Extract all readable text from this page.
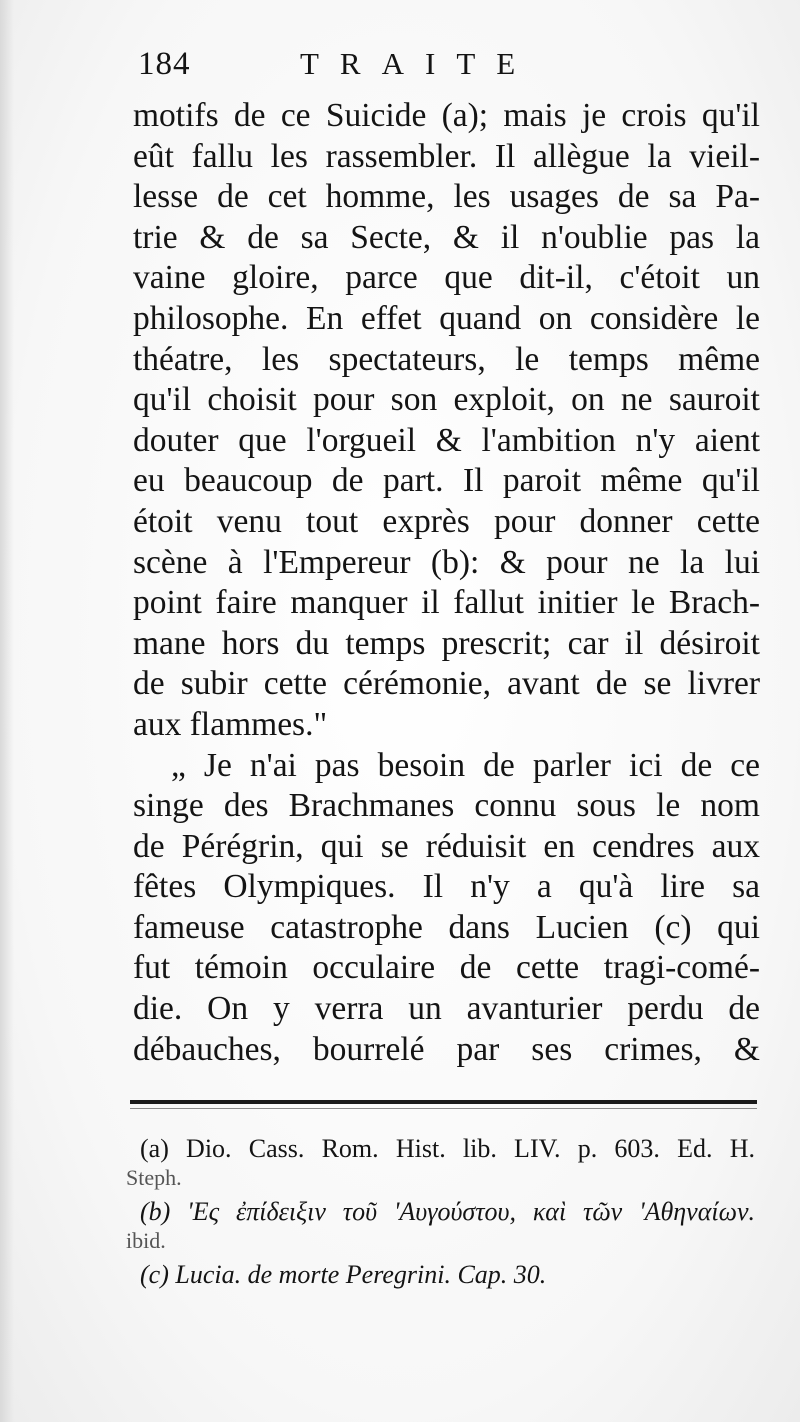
184	TRAITE
motifs de ce Suicide (a); mais je crois qu'il
eût fallu les rassembler. Il allègue la vieil-
lesse de cet homme, les usages de sa Pa-
trie & de sa Secte, & il n'oublie pas la
vaine gloire, parce que dit-il, c'étoit un
philosophe. En effet quand on considère le
théatre, les spectateurs, le temps même
qu'il choisit pour son exploit, on ne sauroit
douter que l'orgueil & l'ambition n'y aient
eu beaucoup de part. Il paroit même qu'il
étoit venu tout exprès pour donner cette
scène à l'Empereur (b): & pour ne la lui
point faire manquer il fallut initier le Brach-
mane hors du temps prescrit; car il désiroit
de subir cette cérémonie, avant de se livrer
aux flammes."
„ Je n'ai pas besoin de parler ici de ce
singe des Brachmanes connu sous le nom
de Pérégrin, qui se réduisit en cendres aux
fêtes Olympiques. Il n'y a qu'à lire sa
fameuse catastrophe dans Lucien (c) qui
fut témoin occulaire de cette tragi-comé-
die. On y verra un avanturier perdu de
débauches, bourrelé par ses crimes, &
(a) Dio. Cass. Rom. Hist. lib. LIV. p. 603. Ed. H.
Steph.
(b) 'Ες ἐπίδειξιν τοῦ 'Αυγούστου, καὶ τῶν 'Αθηναίων.
ibid.
(c) Lucia. de morte Peregrini. Cap. 30.
